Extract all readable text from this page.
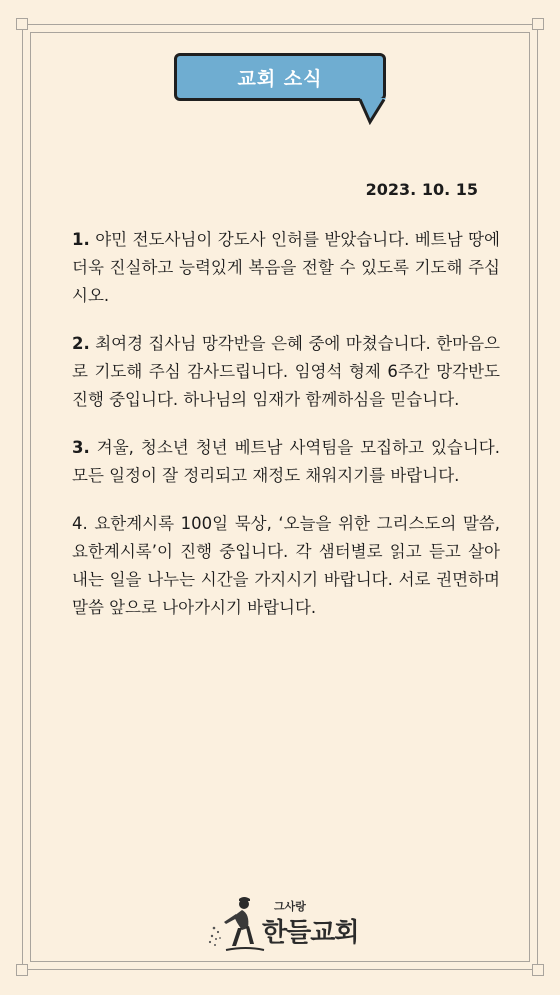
교회 소식
2023. 10. 15

1. 야민 전도사님이 강도사 인허를 받았습니다. 베트남 땅에 더욱 진실하고 능력있게 복음을 전할 수 있도록 기도해 주십시오.

2. 최여경 집사님 망각반을 은혜 중에 마쳤습니다. 한마음으로 기도해 주심 감사드립니다. 임영석 형제 6주간 망각반도 진행 중입니다. 하나님의 임재가 함께하심을 믿습니다.

3. 겨울, 청소년 청년 베트남 사역팀을 모집하고 있습니다. 모든 일정이 잘 정리되고 재정도 채워지기를 바랍니다.

4. 요한계시록 100일 묵상, ‘오늘을 위한 그리스도의 말씀, 요한계시록’이 진행 중입니다. 각 샘터별로 읽고 듣고 살아내는 일을 나누는 시간을 가지시기 바랍니다. 서로 권면하며 말씀 앞으로 나아가시기 바랍니다.

그사랑
한들교회
